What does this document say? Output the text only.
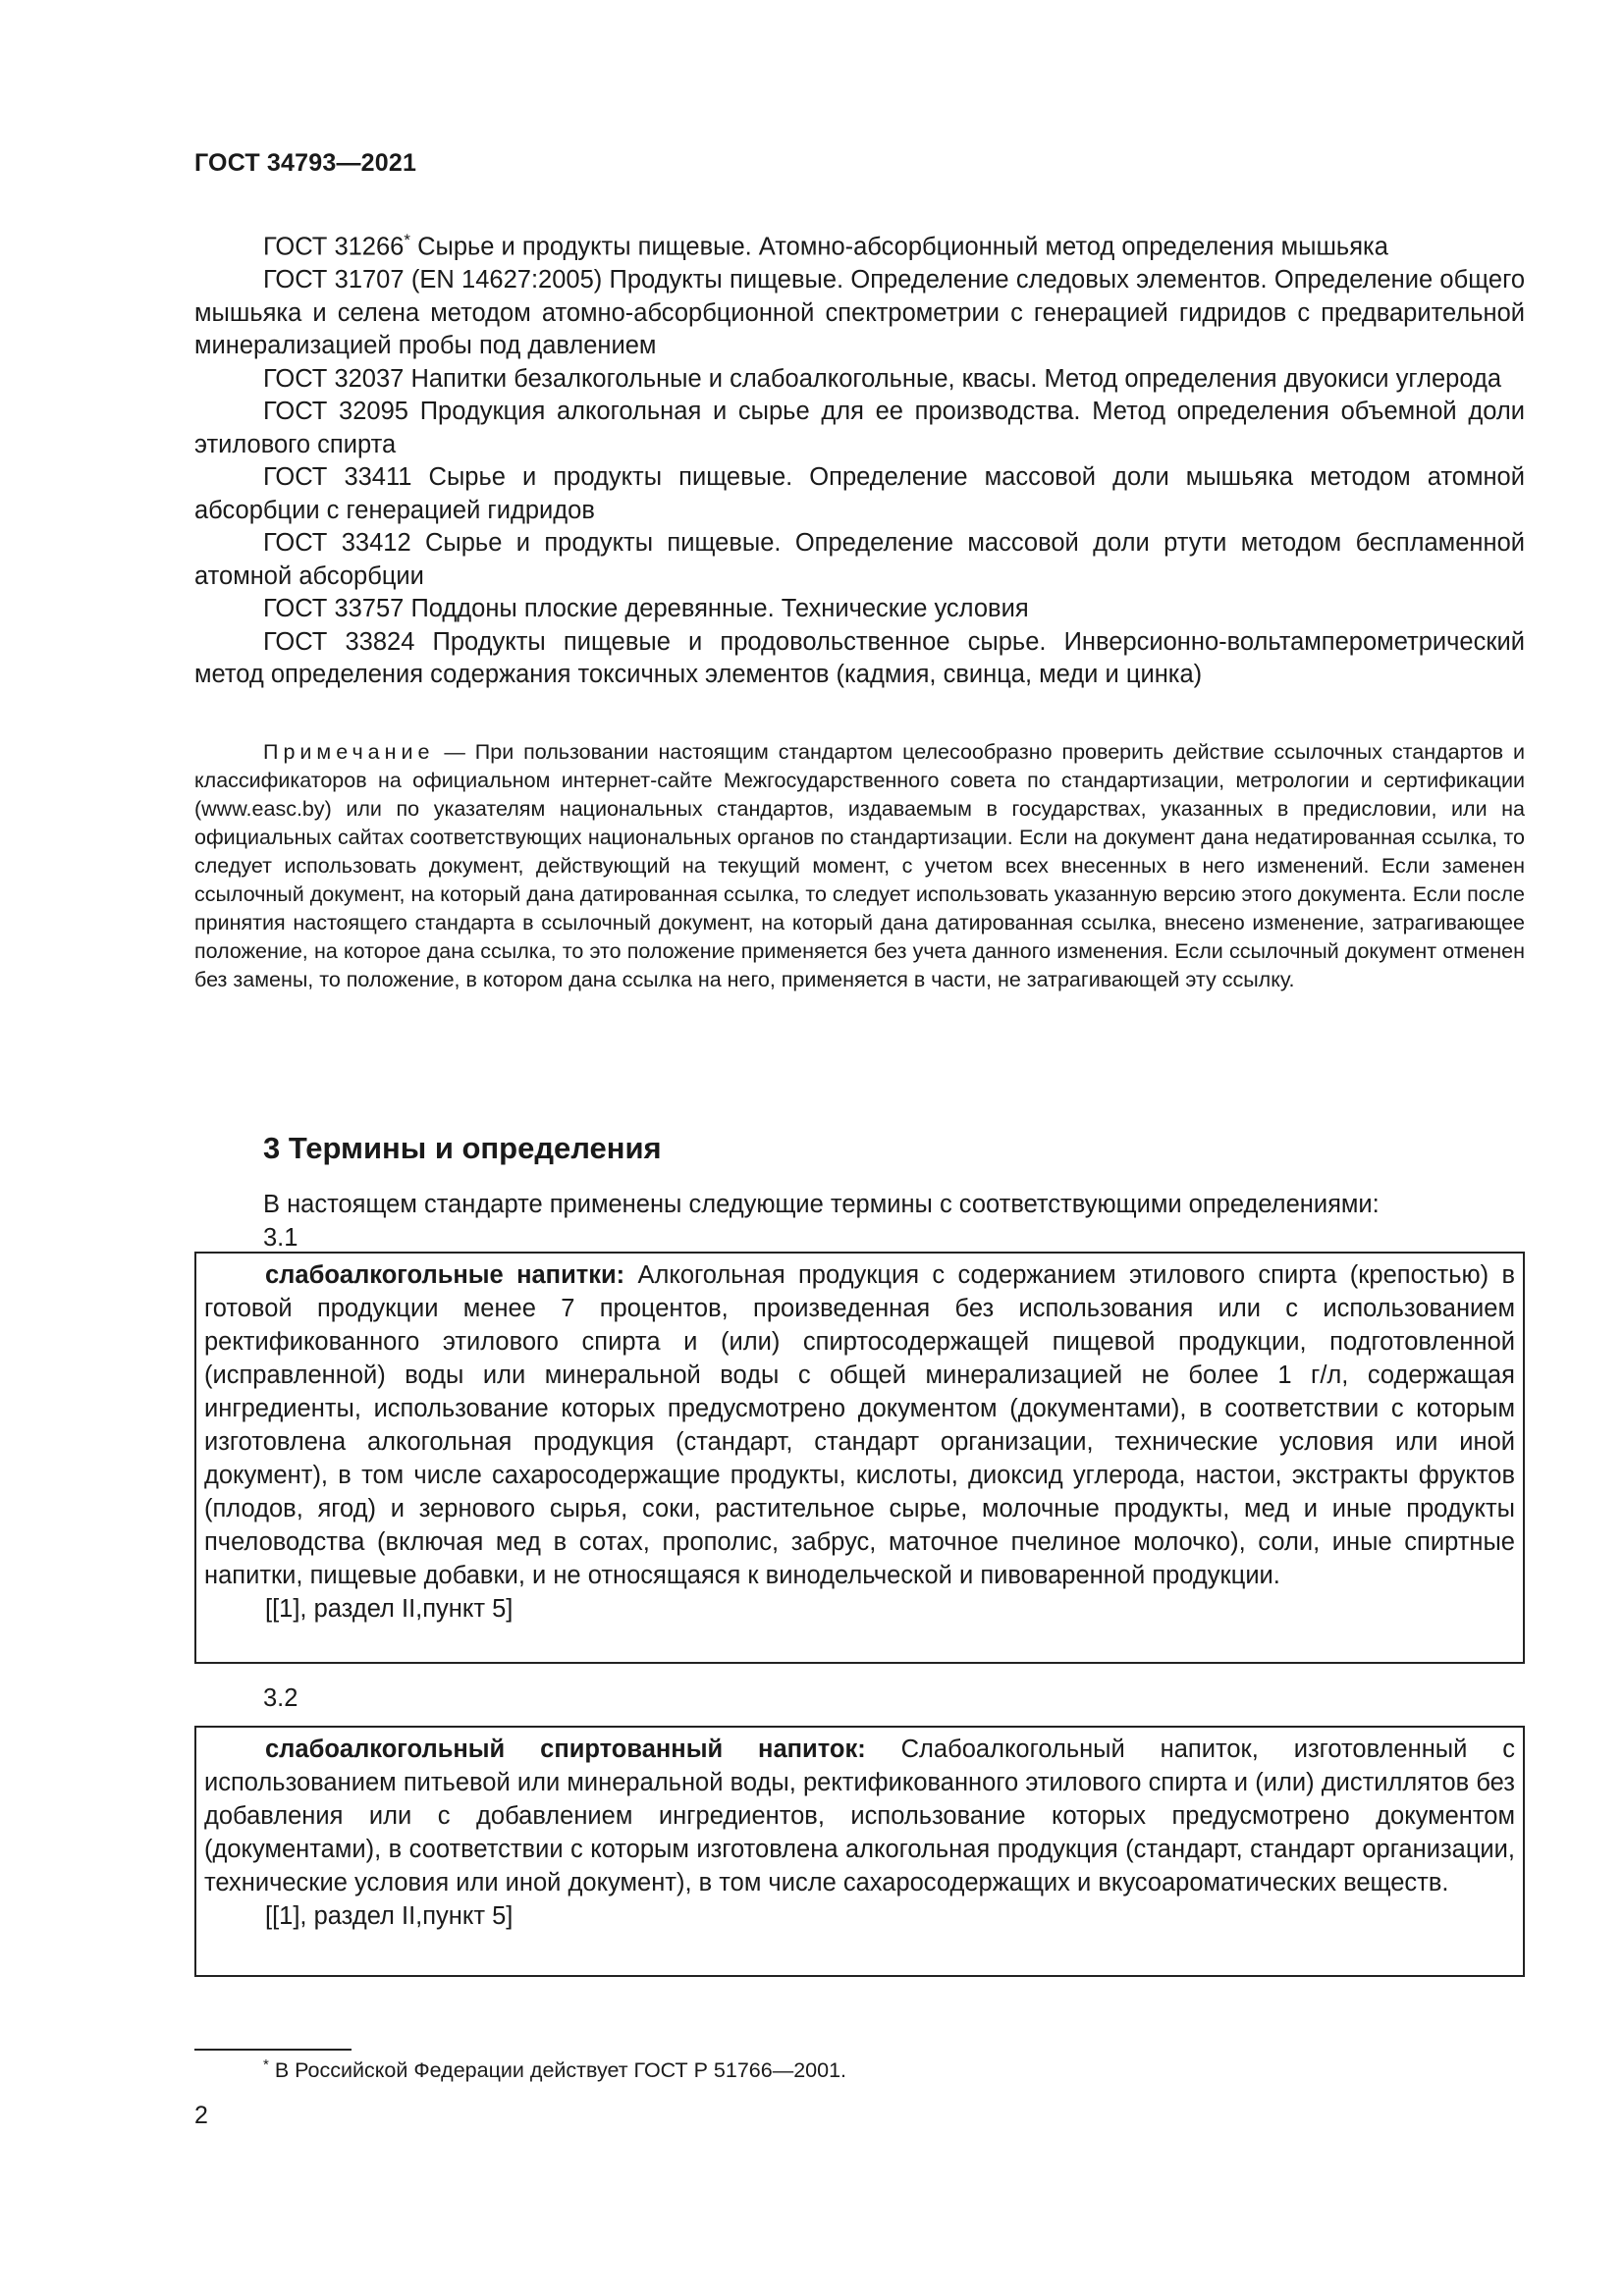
ГОСТ 34793—2021

ГОСТ 31266* Сырье и продукты пищевые. Атомно-абсорбционный метод определения мышьяка

ГОСТ 31707 (EN 14627:2005) Продукты пищевые. Определение следовых элементов. Определение общего мышьяка и селена методом атомно-абсорбционной спектрометрии с генерацией гидридов с предварительной минерализацией пробы под давлением

ГОСТ 32037 Напитки безалкогольные и слабоалкогольные, квасы. Метод определения двуокиси углерода

ГОСТ 32095 Продукция алкогольная и сырье для ее производства. Метод определения объемной доли этилового спирта

ГОСТ 33411 Сырье и продукты пищевые. Определение массовой доли мышьяка методом атомной абсорбции с генерацией гидридов

ГОСТ 33412 Сырье и продукты пищевые. Определение массовой доли ртути методом беспламенной атомной абсорбции

ГОСТ 33757 Поддоны плоские деревянные. Технические условия

ГОСТ 33824 Продукты пищевые и продовольственное сырье. Инверсионно-вольтамперометрический метод определения содержания токсичных элементов (кадмия, свинца, меди и цинка)

Примечание — При пользовании настоящим стандартом целесообразно проверить действие ссылочных стандартов и классификаторов на официальном интернет-сайте Межгосударственного совета по стандартизации, метрологии и сертификации (www.easc.by) или по указателям национальных стандартов, издаваемым в государствах, указанных в предисловии, или на официальных сайтах соответствующих национальных органов по стандартизации. Если на документ дана недатированная ссылка, то следует использовать документ, действующий на текущий момент, с учетом всех внесенных в него изменений. Если заменен ссылочный документ, на который дана датированная ссылка, то следует использовать указанную версию этого документа. Если после принятия настоящего стандарта в ссылочный документ, на который дана датированная ссылка, внесено изменение, затрагивающее положение, на которое дана ссылка, то это положение применяется без учета данного изменения. Если ссылочный документ отменен без замены, то положение, в котором дана ссылка на него, применяется в части, не затрагивающей эту ссылку.

3 Термины и определения

В настоящем стандарте применены следующие термины с соответствующими определениями:

3.1

слабоалкогольные напитки: Алкогольная продукция с содержанием этилового спирта (крепостью) в готовой продукции менее 7 процентов, произведенная без использования или с использованием ректификованного этилового спирта и (или) спиртосодержащей пищевой продукции, подготовленной (исправленной) воды или минеральной воды с общей минерализацией не более 1 г/л, содержащая ингредиенты, использование которых предусмотрено документом (документами), в соответствии с которым изготовлена алкогольная продукция (стандарт, стандарт организации, технические условия или иной документ), в том числе сахаросодержащие продукты, кислоты, диоксид углерода, настои, экстракты фруктов (плодов, ягод) и зернового сырья, соки, растительное сырье, молочные продукты, мед и иные продукты пчеловодства (включая мед в сотах, прополис, забрус, маточное пчелиное молочко), соли, иные спиртные напитки, пищевые добавки, и не относящаяся к винодельческой и пивоваренной продукции.

[[1], раздел II,пункт 5]

3.2

слабоалкогольный спиртованный напиток: Слабоалкогольный напиток, изготовленный с использованием питьевой или минеральной воды, ректификованного этилового спирта и (или) дистиллятов без добавления или с добавлением ингредиентов, использование которых предусмотрено документом (документами), в соответствии с которым изготовлена алкогольная продукция (стандарт, стандарт организации, технические условия или иной документ), в том числе сахаросодержащих и вкусоароматических веществ.

[[1], раздел II,пункт 5]

* В Российской Федерации действует ГОСТ Р 51766—2001.
2
